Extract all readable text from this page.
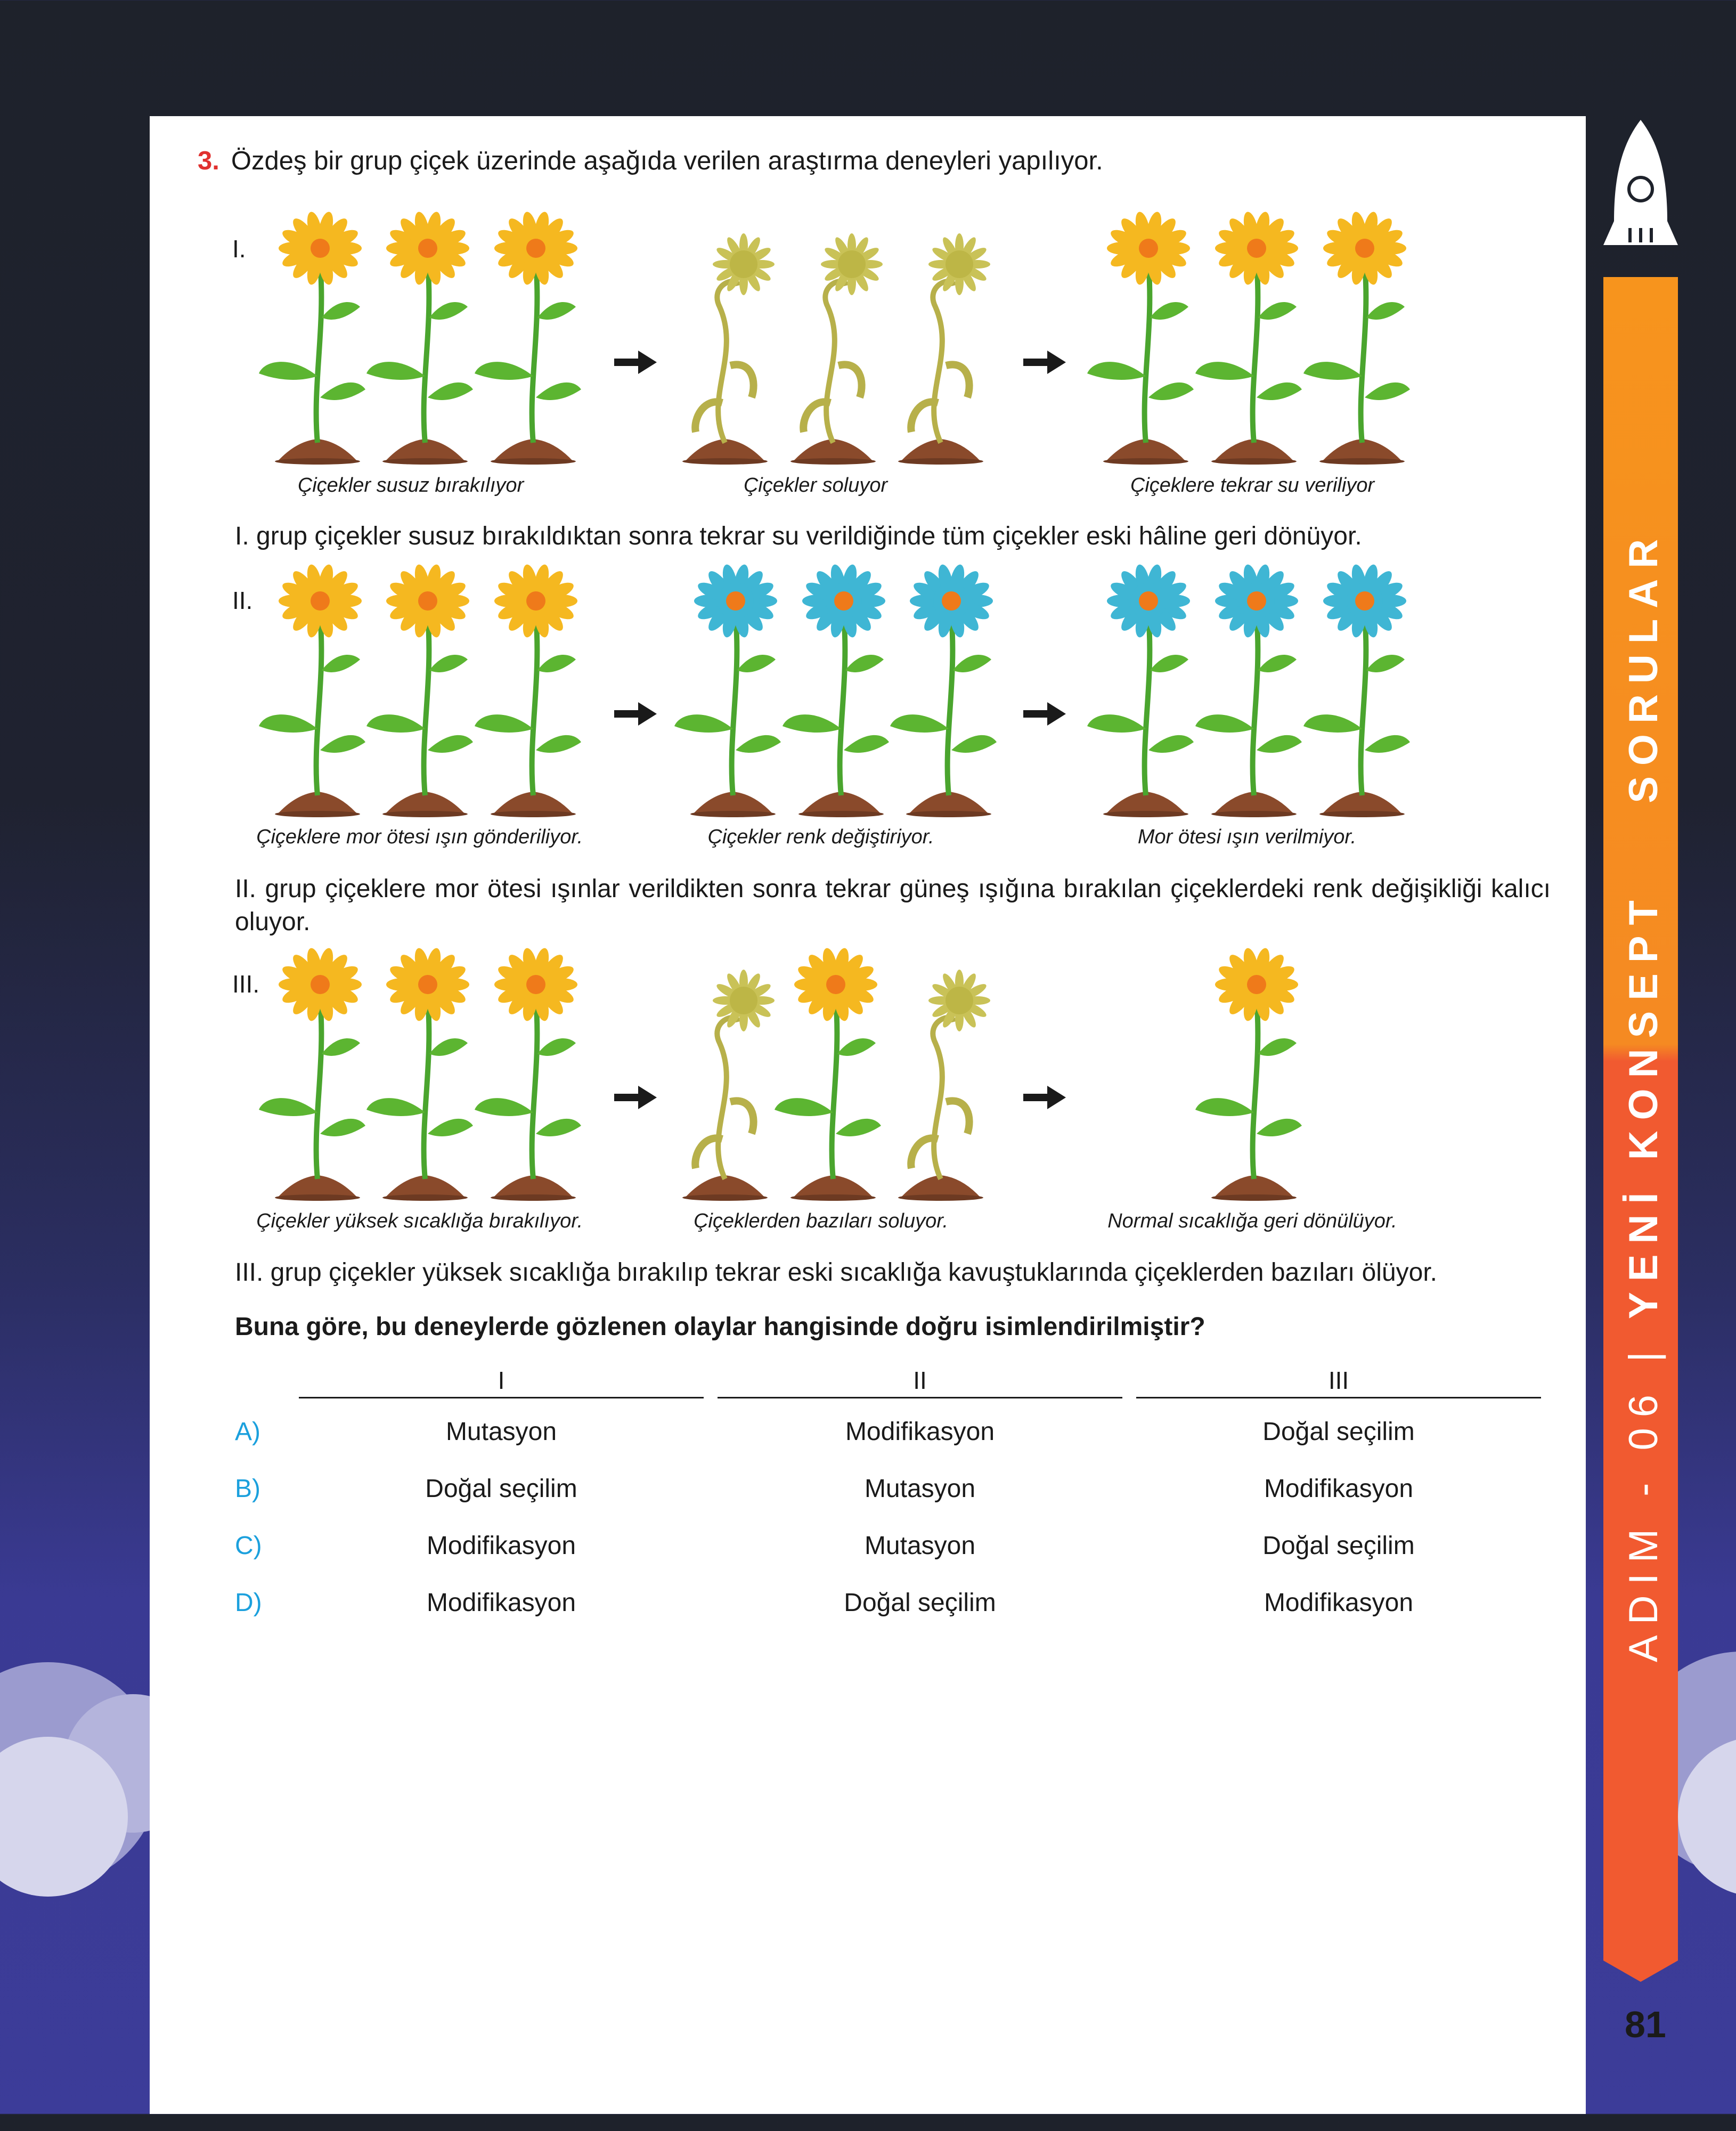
3. Özdeş bir grup çiçek üzerinde aşağıda verilen araştırma deneyleri yapılıyor.
I.
Çiçekler susuz bırakılıyor	Çiçekler soluyor	Çiçeklere tekrar su veriliyor
I. grup çiçekler susuz bırakıldıktan sonra tekrar su verildiğinde tüm çiçekler eski hâline geri dönüyor.
II.
Çiçeklere mor ötesi ışın gönderiliyor.	Çiçekler renk değiştiriyor.	Mor ötesi ışın verilmiyor.
II. grup çiçeklere mor ötesi ışınlar verildikten sonra tekrar güneş ışığına bırakılan çiçeklerdeki renk değişikliği kalıcı oluyor.
III.
Çiçekler yüksek sıcaklığa bırakılıyor.	Çiçeklerden bazıları soluyor.	Normal sıcaklığa geri dönülüyor.
III. grup çiçekler yüksek sıcaklığa bırakılıp tekrar eski sıcaklığa kavuştuklarında çiçeklerden bazıları ölüyor.
Buna göre, bu deneylerde gözlenen olaylar hangisinde doğru isimlendirilmiştir?
I	II	III
A)	Mutasyon	Modifikasyon	Doğal seçilim
B)	Doğal seçilim	Mutasyon	Modifikasyon
C)	Modifikasyon	Mutasyon	Doğal seçilim
D)	Modifikasyon	Doğal seçilim	Modifikasyon	ADIM - 06 | YENİ KONSEPT  SORULAR
81
